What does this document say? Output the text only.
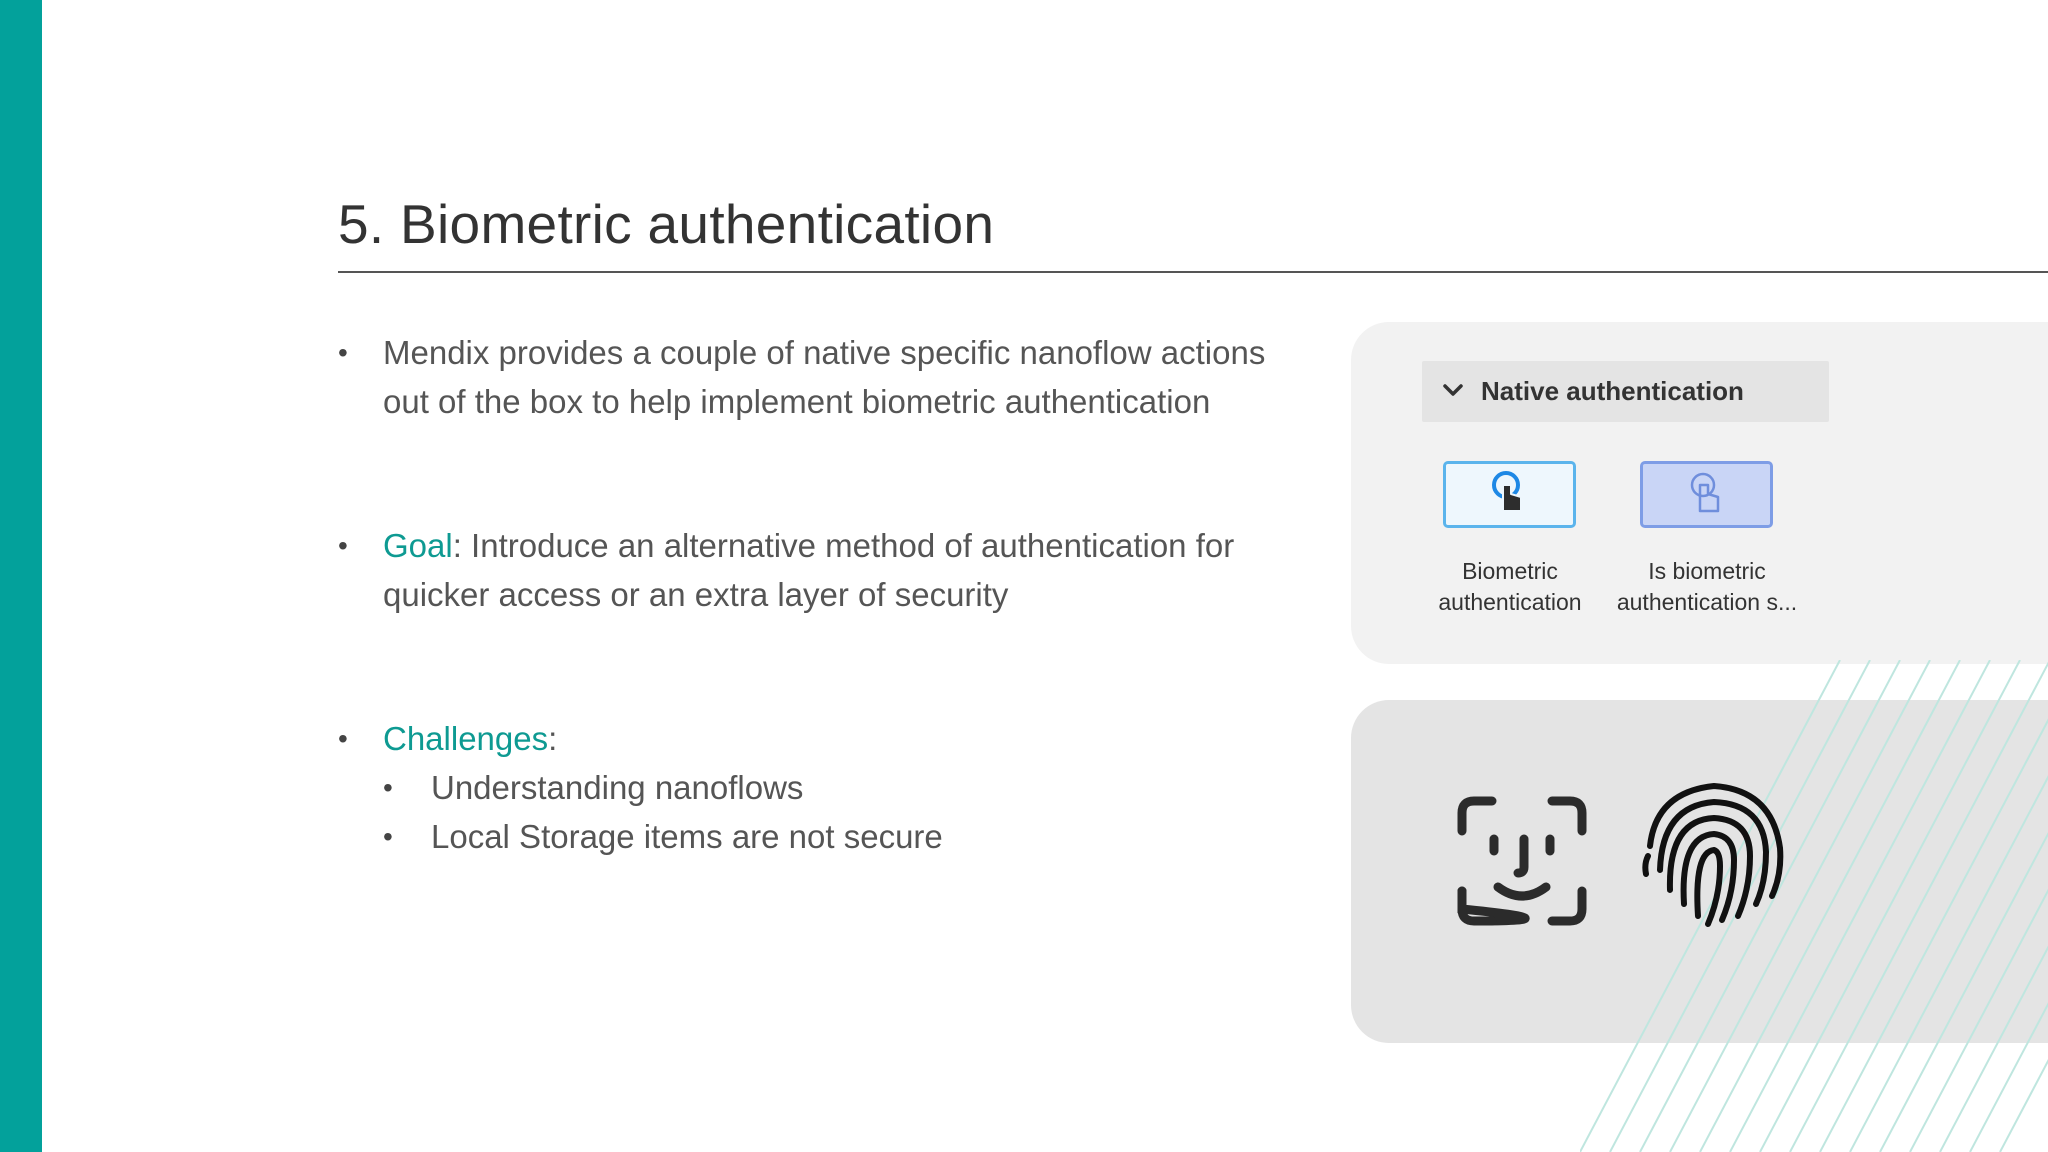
5. Biometric authentication
• Mendix provides a couple of native specific nanoflow actions out of the box to help implement biometric authentication
• Goal: Introduce an alternative method of authentication for quicker access or an extra layer of security
• Challenges:
• Understanding nanoflows
• Local Storage items are not secure
Native authentication
Biometric authentication
Is biometric authentication s...
